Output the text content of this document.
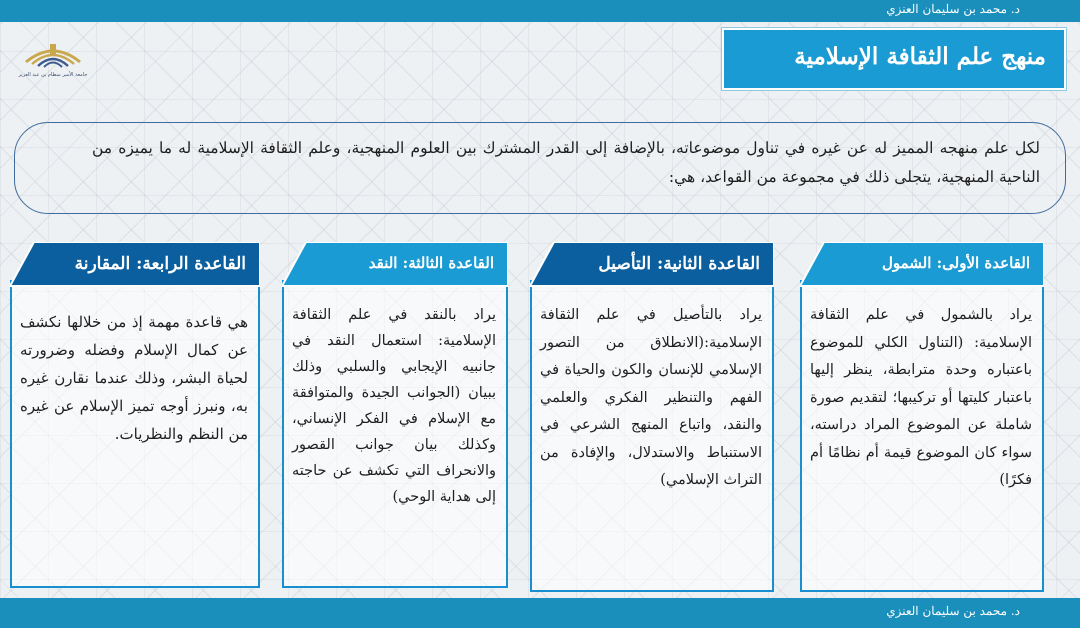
د. محمد بن سليمان العنزي
جامعة الأمير سطام بن عبد العزيز
منهج علم الثقافة الإسلامية
لكل علم منهجه المميز له عن غيره في تناول موضوعاته، بالإضافة إلى القدر المشترك بين العلوم المنهجية، وعلم الثقافة الإسلامية له ما يميزه من الناحية المنهجية، يتجلى ذلك في مجموعة من القواعد، هي:
القاعدة الأولى: الشمول
يراد بالشمول في علم الثقافة الإسلامية: (التناول الكلي للموضوع باعتباره وحدة مترابطة، ينظر إليها باعتبار كليتها أو تركيبها؛ لتقديم صورة شاملة عن الموضوع المراد دراسته، سواء كان الموضوع قيمة أم نظامًا أم فكرًا)
القاعدة الثانية: التأصيل
يراد بالتأصيل في علم الثقافة الإسلامية:(الانطلاق من التصور الإسلامي للإنسان والكون والحياة في الفهم والتنظير الفكري والعلمي والنقد، واتباع المنهج الشرعي في الاستنباط والاستدلال، والإفادة من التراث الإسلامي)
القاعدة الثالثة: النقد
يراد بالنقد في علم الثقافة الإسلامية: استعمال النقد في جانبيه الإيجابي والسلبي وذلك ببيان (الجوانب الجيدة والمتوافقة مع الإسلام في الفكر الإنساني، وكذلك بيان جوانب القصور والانحراف التي تكشف عن حاجته إلى هداية الوحي)
القاعدة الرابعة: المقارنة
هي قاعدة مهمة إذ من خلالها نكشف عن كمال الإسلام وفضله وضرورته لحياة البشر، وذلك عندما نقارن غيره به، ونبرز أوجه تميز الإسلام عن غيره من النظم والنظريات.
د. محمد بن سليمان العنزي
